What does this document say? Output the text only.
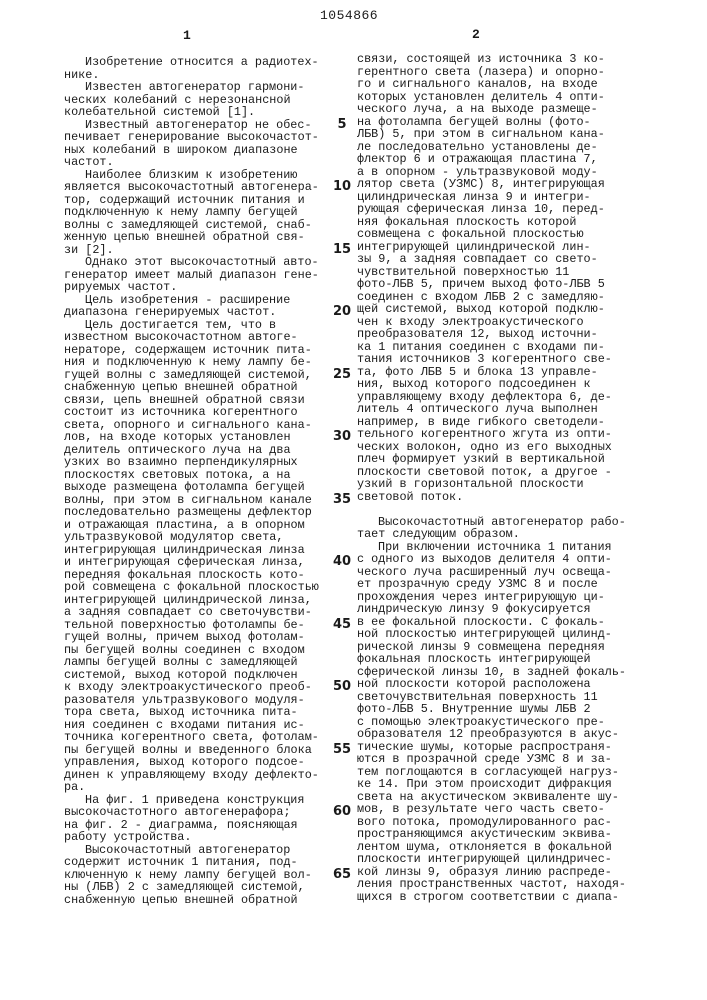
1
1054866
2
Изобретение относится а радиотех-
нике.
Известен автогенератор гармони-
ческих колебаний с нерезонансной
колебательной системой [1].
Известный автогенератор не обес-
печивает генерирование высокочастот-
ных колебаний в широком диапазоне
частот.
Наиболее близким к изобретению
является высокочастотный автогенера-
тор, содержащий источник питания и
подключенную к нему лампу бегущей
волны с замедляющей системой, снаб-
женную цепью внешней обратной свя-
зи [2].
Однако этот высокочастотный авто-
генератор имеет малый диапазон гене-
рируемых частот.
Цель изобретения - расширение
диапазона генерируемых частот.
Цель достигается тем, что в
известном высокочастотном автоге-
нераторе, содержащем источник пита-
ния и подключенную к нему лампу бе-
гущей волны с замедляющей системой,
снабженную цепью внешней обратной
связи, цепь внешней обратной связи
состоит из источника когерентного
света, опорного и сигнального кана-
лов, на входе которых установлен
делитель оптического луча на два
узких во взаимно перпендикулярных
плоскостях световых потока, а на
выходе размещена фотолампа бегущей
волны, при этом в сигнальном канале
последовательно размещены дефлектор
и отражающая пластина, а в опорном
ультразвуковой модулятор света,
интегрирующая цилиндрическая линза
и интегрирующая сферическая линза,
передняя фокальная плоскость кото-
рой совмещена с фокальной плоскостью
интегрирующей цилиндрической линза,
а задняя совпадает со светочувстви-
тельной поверхностью фотолампы бе-
гущей волны, причем выход фотолам-
пы бегущей волны соединен с входом
лампы бегущей волны с замедляющей
системой, выход которой подключен
к входу электроакустического преоб-
разователя ультразвукового модуля-
тора света, выход источника пита-
ния соединен с входами питания ис-
точника когерентного света, фотолам-
пы бегущей волны и введенного блока
управления, выход которого подсое-
динен к управляющему входу дефлекто-
ра.
На фиг. 1 приведена конструкция
высокочастотного автогенерафора;
на фиг. 2 - диаграмма, поясняющая
работу устройства.
Высокочастотный автогенератор
содержит источник 1 питания, под-
ключенную к нему лампу бегущей вол-
ны (ЛБВ) 2 с замедляющей системой,
снабженную цепью внешней обратной
связи, состоящей из источника 3 ко-
герентного света (лазера) и опорно-
го и сигнального каналов, на входе
которых установлен делитель 4 опти-
ческого луча, а на выходе размеще-
на фотолампа бегущей волны (фото-
ЛБВ) 5, при этом в сигнальном кана-
ле последовательно установлены де-
флектор 6 и отражающая пластина 7,
а в опорном - ультразвуковой моду-
лятор света (УЗМС) 8, интегрирующая
цилиндрическая линза 9 и интегри-
рующая сферическая линза 10, перед-
няя фокальная плоскость которой
совмещена с фокальной плоскостью
интегрирующей цилиндрической лин-
зы 9, а задняя совпадает со свето-
чувствительной поверхностью 11
фото-ЛБВ 5, причем выход фото-ЛБВ 5
соединен с входом ЛБВ 2 с замедляю-
щей системой, выход которой подклю-
чен к входу электроакустического
преобразователя 12, выход источни-
ка 1 питания соединен с входами пи-
тания источников 3 когерентного све-
та, фото ЛБВ 5 и блока 13 управле-
ния, выход которого подсоединен к
управляющему входу дефлектора 6, де-
литель 4 оптического луча выполнен
например, в виде гибкого светодели-
тельного когерентного жгута из опти-
ческих волокон, одно из его выходных
плеч формирует узкий в вертикальной
плоскости световой поток, а другое -
узкий в горизонтальной плоскости
световой поток.
Высокочастотный автогенератор рабо-
тает следующим образом.
При включении источника 1 питания
с одного из выходов делителя 4 опти-
ческого луча расширенный луч освеща-
ет прозрачную среду УЗМС 8 и после
прохождения через интегрирующую ци-
линдрическую линзу 9 фокусируется
в ее фокальной плоскости. С фокаль-
ной плоскостью интегрирующей цилинд-
рической линзы 9 совмещена передняя
фокальная плоскость интегрирующей
сферической линзы 10, в задней фокаль-
ной плоскости которой расположена
светочувствительная поверхность 11
фото-ЛБВ 5. Внутренние шумы ЛБВ 2
с помощью электроакустического пре-
образователя 12 преобразуются в акус-
тические шумы, которые распространя-
ются в прозрачной среде УЗМС 8 и за-
тем поглощаются в согласующей нагруз-
ке 14. При этом происходит дифракция
света на акустическом эквиваленте шу-
мов, в результате чего часть свето-
вого потока, промодулированного рас-
пространяющимся акустическим эквива-
лентом шума, отклоняется в фокальной
плоскости интегрирующей цилиндричес-
кой линзы 9, образуя линию распреде-
ления пространственных частот, находя-
щихся в строгом соответствии с диапа-
5
10
15
20
25
30
35
40
45
50
55
60
65
